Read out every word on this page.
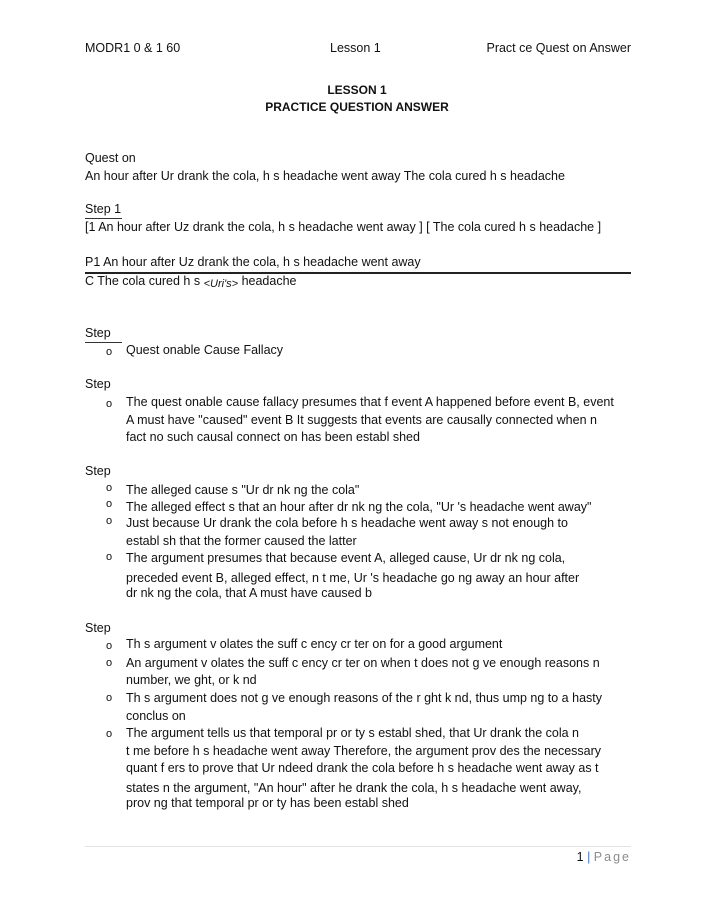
MODR1 0 & 1 60	Lesson 1	Pract ce Quest on Answer
LESSON 1
PRACTICE QUESTION ANSWER
Quest on
An hour after Ur drank the cola, h s headache went away The cola cured h s headache
Step 1
[1 An hour after Uz drank the cola, h s headache went away ] [ The cola cured h s headache ]
P1 An hour after Uz drank the cola, h s headache went away
C The cola cured h s <Uri's> headache
Step
o Quest onable Cause Fallacy
Step
o The quest onable cause fallacy presumes that f event A happened before event B, event
A must have "caused" event B It suggests that events are causally connected when n
fact no such causal connect on has been establ shed
Step
o The alleged cause s "Ur dr nk ng the cola"
o The alleged effect s that an hour after dr nk ng the cola, "Ur 's headache went away"
o Just because Ur drank the cola before h s headache went away s not enough to
establ sh that the former caused the latter
o The argument presumes that because event A, alleged cause, Ur dr nk ng cola,
preceded event B, alleged effect, n t me, Ur 's headache go ng away an hour after
dr nk ng the cola, that A must have caused b
Step
o Th s argument v olates the suff c ency cr ter on for a good argument
o An argument v olates the suff c ency cr ter on when t does not g ve enough reasons n
number, we ght, or k nd
o Th s argument does not g ve enough reasons of the r ght k nd, thus ump ng to a hasty
conclus on
o The argument tells us that temporal pr or ty s establ shed, that Ur drank the cola n
t me before h s headache went away Therefore, the argument prov des the necessary
quant f ers to prove that Ur ndeed drank the cola before h s headache went away as t
states n the argument, "An hour" after he drank the cola, h s headache went away,
prov ng that temporal pr or ty has been establ shed
1 | Page
